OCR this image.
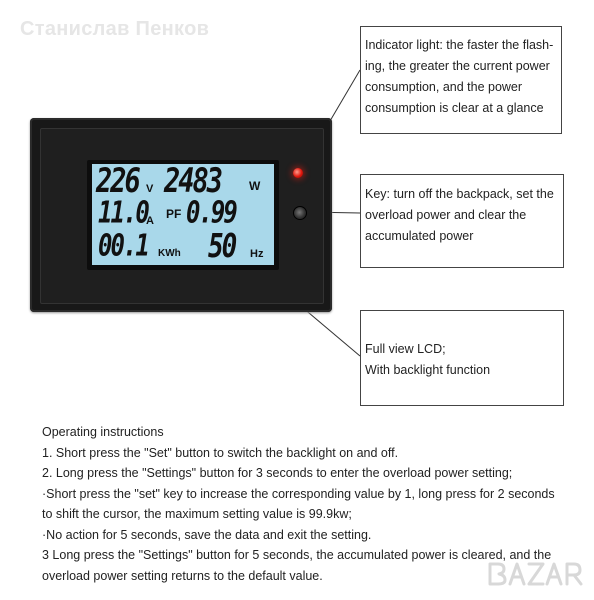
Станислав Пенков
Indicator light: the faster the flash-
ing, the greater the current power
consumption, and the power
consumption is clear at a glance
Key: turn off the backpack, set the
overload power and clear the
accumulated power
Full view LCD;
With backlight function
226 V 2483 W
11.0
A PF 0.99
00.1 KWh 50 Hz
Operating instructions
1. Short press the "Set" button to switch the backlight on and off.
2. Long press the "Settings" button for 3 seconds to enter the overload power setting;
·Short press the "set" key to increase the corresponding value by 1, long press for 2 seconds
to shift the cursor, the maximum setting value is 99.9kw;
·No action for 5 seconds, save the data and exit the setting.
3 Long press the "Settings" button for 5 seconds, the accumulated power is cleared, and the
overload power setting returns to the default value.
